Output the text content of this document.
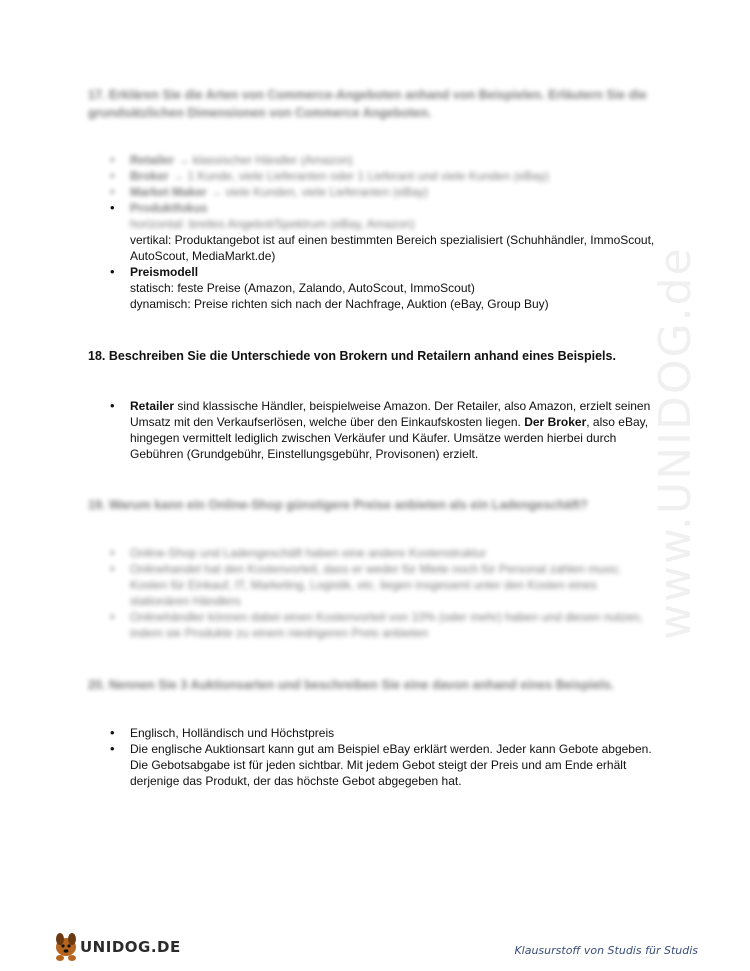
www.UNIDOG.de

17. Erklären Sie die Arten von Commerce-Angeboten anhand von Beispielen. Erläutern Sie die grundsätzlichen Dimensionen von Commerce Angeboten.

• Retailer → klassischer Händler (Amazon)
• Broker → 1 Kunde, viele Lieferanten oder 1 Lieferant und viele Kunden (eBay)
• Market Maker → viele Kunden, viele Lieferanten (eBay)
• Produktfokus
horizontal: breites Angebot/Spektrum (eBay, Amazon)
vertikal: Produktangebot ist auf einen bestimmten Bereich spezialisiert (Schuhhändler, ImmoScout, AutoScout, MediaMarkt.de)
• Preismodell
statisch: feste Preise (Amazon, Zalando, AutoScout, ImmoScout)
dynamisch: Preise richten sich nach der Nachfrage, Auktion (eBay, Group Buy)

18. Beschreiben Sie die Unterschiede von Brokern und Retailern anhand eines Beispiels.

• Retailer sind klassische Händler, beispielweise Amazon. Der Retailer, also Amazon, erzielt seinen Umsatz mit den Verkaufserlösen, welche über den Einkaufskosten liegen. Der Broker, also eBay, hingegen vermittelt lediglich zwischen Verkäufer und Käufer. Umsätze werden hierbei durch Gebühren (Grundgebühr, Einstellungsgebühr, Provisonen) erzielt.

19. Warum kann ein Online-Shop günstigere Preise anbieten als ein Ladengeschäft?

• Online-Shop und Ladengeschäft haben eine andere Kostenstruktur
• Onlinehandel hat den Kostenvorteil, dass er weder für Miete noch für Personal zahlen muss; Kosten für Einkauf, IT, Marketing, Logistik, etc. liegen insgesamt unter den Kosten eines stationären Händlers
• Onlinehändler können dabei einen Kostenvorteil von 10% (oder mehr) haben und diesen nutzen, indem sie Produkte zu einem niedrigeren Preis anbieten

20. Nennen Sie 3 Auktionsarten und beschreiben Sie eine davon anhand eines Beispiels.

• Englisch, Holländisch und Höchstpreis
• Die englische Auktionsart kann gut am Beispiel eBay erklärt werden. Jeder kann Gebote abgeben. Die Gebotsabgabe ist für jeden sichtbar. Mit jedem Gebot steigt der Preis und am Ende erhält derjenige das Produkt, der das höchste Gebot abgegeben hat.
UNIDOG.DE	Klausurstoff von Studis für Studis
